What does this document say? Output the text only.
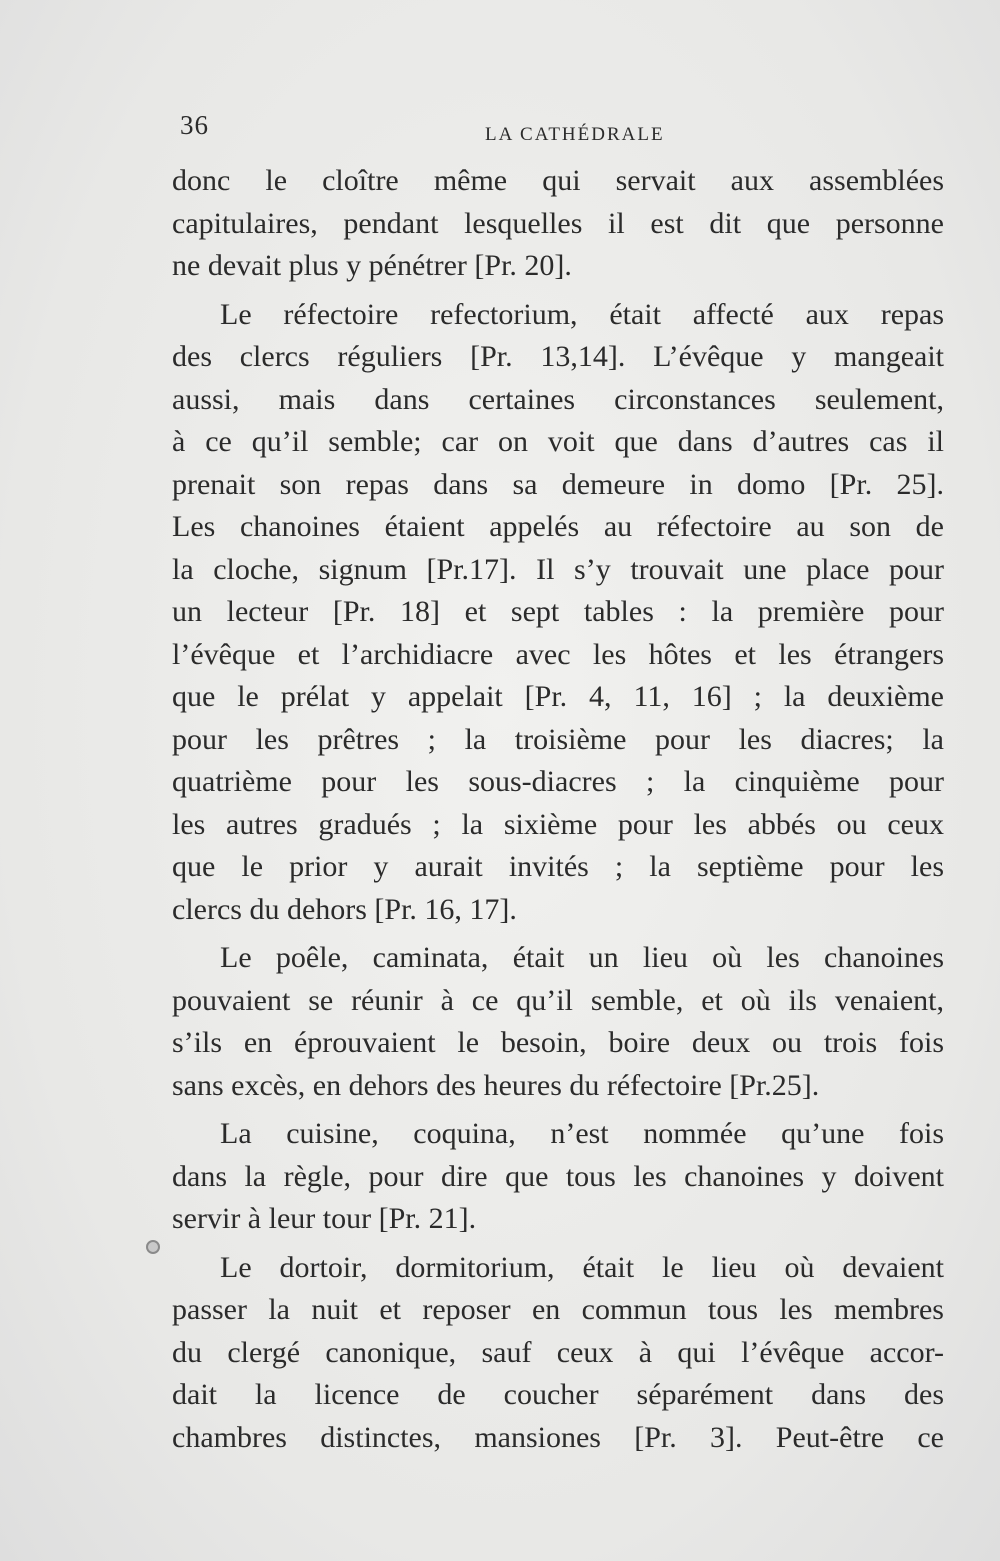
36	LA CATHÉDRALE
donc le cloître même qui servait aux assemblées
capitulaires, pendant lesquelles il est dit que personne
ne devait plus y pénétrer [Pr. 20].
Le réfectoire refectorium, était affecté aux repas
des clercs réguliers [Pr. 13,14]. L’évêque y mangeait
aussi, mais dans certaines circonstances seulement,
à ce qu’il semble; car on voit que dans d’autres cas il
prenait son repas dans sa demeure in domo [Pr. 25].
Les chanoines étaient appelés au réfectoire au son de
la cloche, signum [Pr.17]. Il s’y trouvait une place pour
un lecteur [Pr. 18] et sept tables : la première pour
l’évêque et l’archidiacre avec les hôtes et les étrangers
que le prélat y appelait [Pr. 4, 11, 16] ; la deuxième
pour les prêtres ; la troisième pour les diacres; la
quatrième pour les sous-diacres ; la cinquième pour
les autres gradués ; la sixième pour les abbés ou ceux
que le prior y aurait invités ; la septième pour les
clercs du dehors [Pr. 16, 17].
Le poêle, caminata, était un lieu où les chanoines
pouvaient se réunir à ce qu’il semble, et où ils venaient,
s’ils en éprouvaient le besoin, boire deux ou trois fois
sans excès, en dehors des heures du réfectoire [Pr.25].
La cuisine, coquina, n’est nommée qu’une fois
dans la règle, pour dire que tous les chanoines y doivent
servir à leur tour [Pr. 21].
Le dortoir, dormitorium, était le lieu où devaient
passer la nuit et reposer en commun tous les membres
du clergé canonique, sauf ceux à qui l’évêque accor-
dait la licence de coucher séparément dans des
chambres distinctes, mansiones [Pr. 3]. Peut-être ce
